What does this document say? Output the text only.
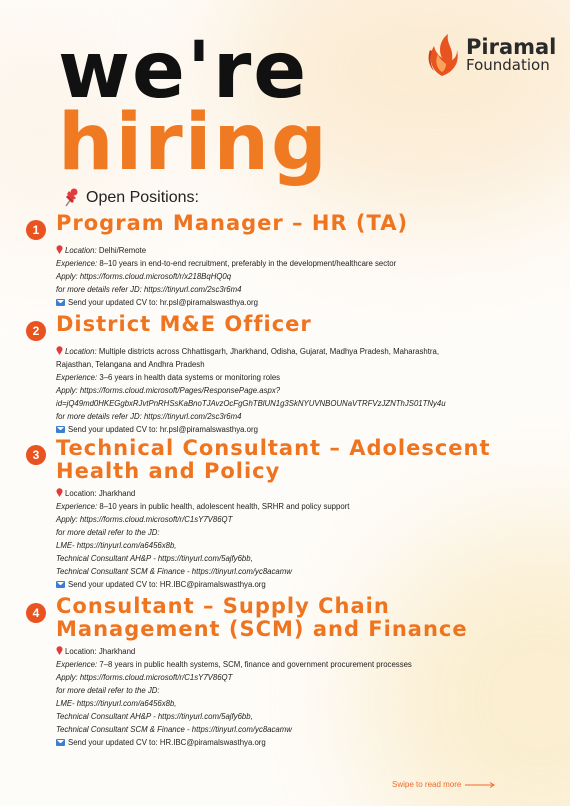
we're
hiring
Piramal
Foundation
Open Positions:
1 Program Manager – HR (TA)
Location: Delhi/Remote
Experience: 8–10 years in end-to-end recruitment, preferably in the development/healthcare sector
Apply: https://forms.cloud.microsoft/r/x218BqHQ0q
for more details refer JD: https://tinyurl.com/2sc3r6m4
Send your updated CV to: hr.psl@piramalswasthya.org
2 District M&E Officer
Location: Multiple districts across Chhattisgarh, Jharkhand, Odisha, Gujarat, Madhya Pradesh, Maharashtra,
Rajasthan, Telangana and Andhra Pradesh
Experience: 3–6 years in health data systems or monitoring roles
Apply: https://forms.cloud.microsoft/Pages/ResponsePage.aspx?
id=jQ49md0HKEGgbxRJvtPnRHSsKaBnoTJAvzOcFgGhTBlUN1g3SkNYUVNBOUNaVTRFVzJZNThJS01TNy4u
for more details refer JD: https://tinyurl.com/2sc3r6m4
Send your updated CV to: hr.psl@piramalswasthya.org
3 Technical Consultant – Adolescent
Health and Policy
Location: Jharkhand
Experience: 8–10 years in public health, adolescent health, SRHR and policy support
Apply: https://forms.cloud.microsoft/r/C1sY7V86QT
for more detail refer to the JD:
LME- https://tinyurl.com/a6456x8b,
Technical Consultant AH&P - https://tinyurl.com/5ajfy6bb,
Technical Consultant SCM & Finance - https://tinyurl.com/yc8acamw
Send your updated CV to: HR.IBC@piramalswasthya.org
4 Consultant – Supply Chain
Management (SCM) and Finance
Location: Jharkhand
Experience: 7–8 years in public health systems, SCM, finance and government procurement processes
Apply: https://forms.cloud.microsoft/r/C1sY7V86QT
for more detail refer to the JD:
LME- https://tinyurl.com/a6456x8b,
Technical Consultant AH&P - https://tinyurl.com/5ajfy6bb,
Technical Consultant SCM & Finance - https://tinyurl.com/yc8acamw
Send your updated CV to: HR.IBC@piramalswasthya.org
Swipe to read more
